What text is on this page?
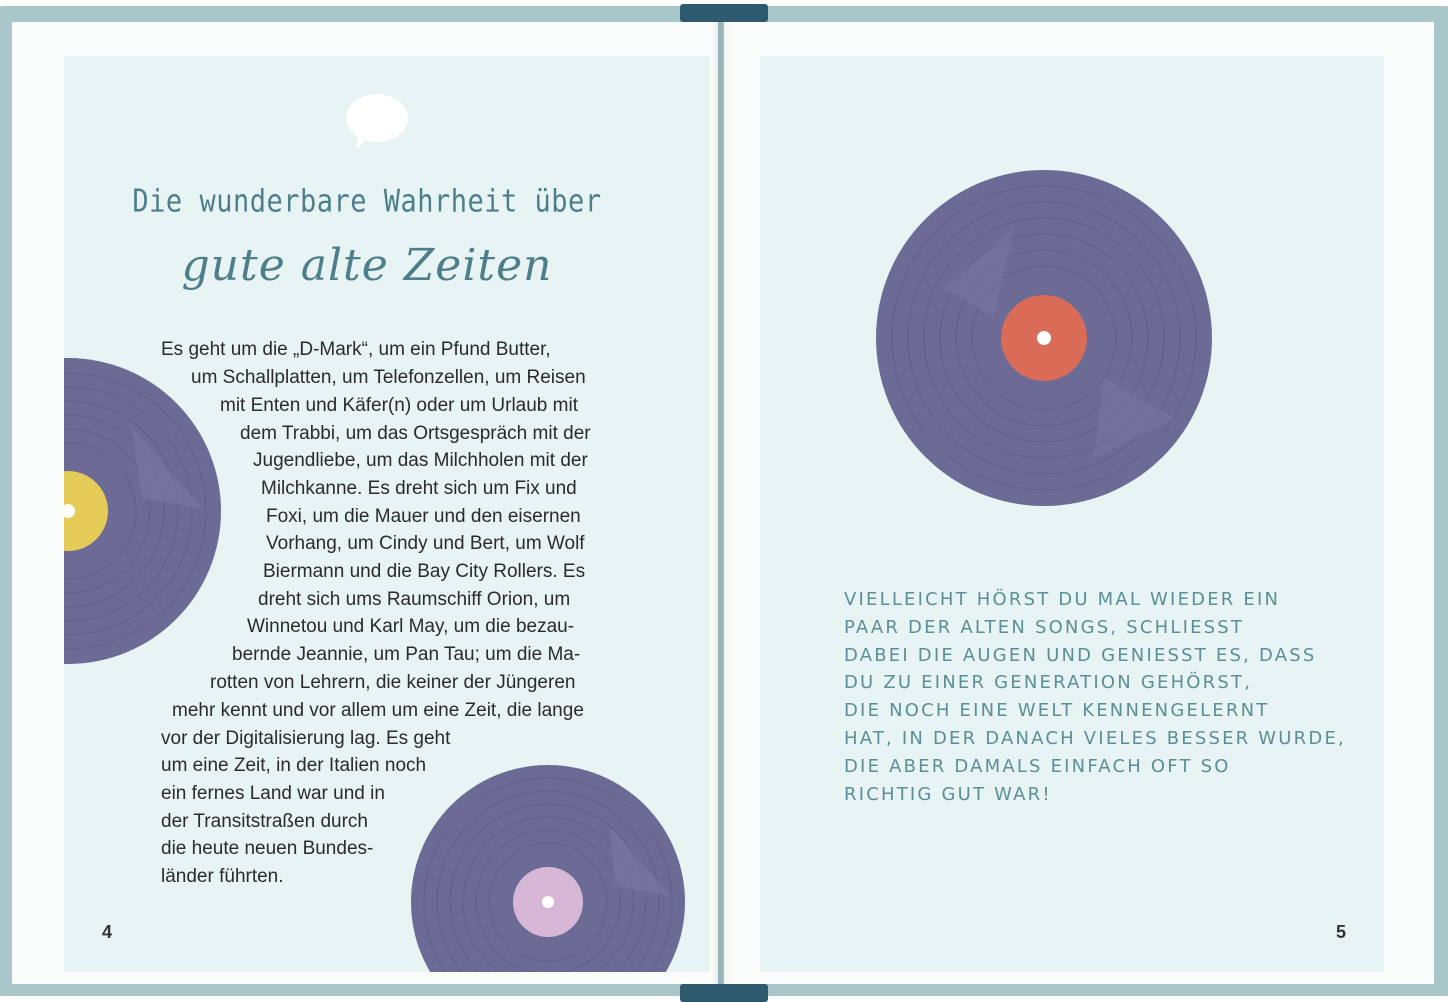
Die wunderbare Wahrheit über
gute alte Zeiten
Es geht um die „D-Mark“, um ein Pfund Butter,
um Schallplatten, um Telefonzellen, um Reisen
mit Enten und Käfer(n) oder um Urlaub mit
dem Trabbi, um das Ortsgespräch mit der
Jugendliebe, um das Milchholen mit der
Milchkanne. Es dreht sich um Fix und
Foxi, um die Mauer und den eisernen
Vorhang, um Cindy und Bert, um Wolf
Biermann und die Bay City Rollers. Es
dreht sich ums Raumschiff Orion, um
Winnetou und Karl May, um die bezau-
bernde Jeannie, um Pan Tau; um die Ma-
rotten von Lehrern, die keiner der Jüngeren
mehr kennt und vor allem um eine Zeit, die lange
vor der Digitalisierung lag. Es geht
um eine Zeit, in der Italien noch
ein fernes Land war und in
der Transitstraßen durch
die heute neuen Bundes-
länder führten.
4
VIELLEICHT HÖRST DU MAL WIEDER EIN
PAAR DER ALTEN SONGS, SCHLIESST
DABEI DIE AUGEN UND GENIESST ES, DASS
DU ZU EINER GENERATION GEHÖRST,
DIE NOCH EINE WELT KENNENGELERNT
HAT, IN DER DANACH VIELES BESSER WURDE,
DIE ABER DAMALS EINFACH OFT SO
RICHTIG GUT WAR!
5
